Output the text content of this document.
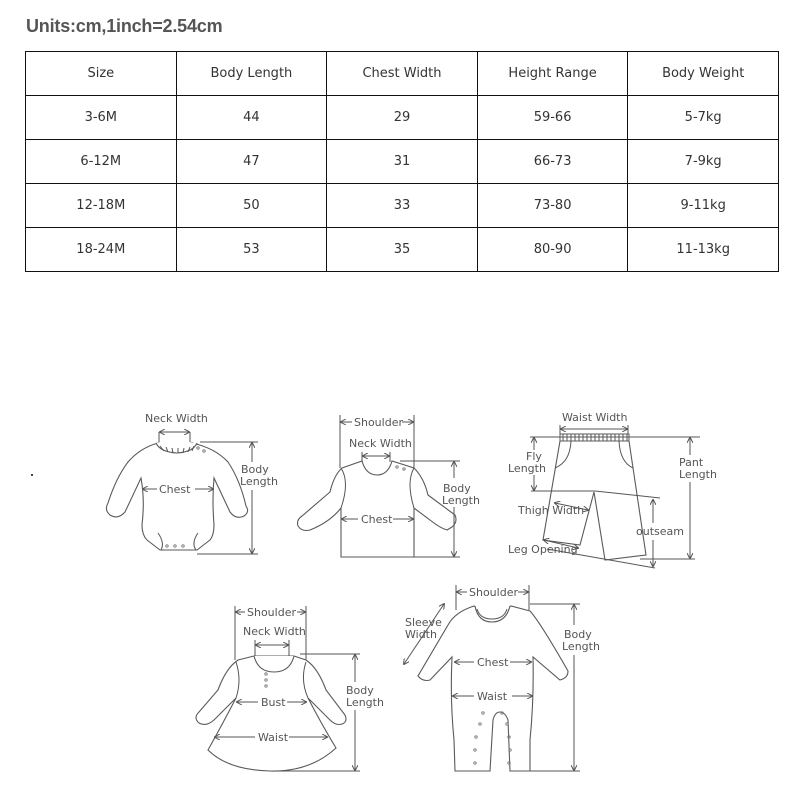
Units:cm,1inch=2.54cm
Size	Body Length	Chest Width	Height Range	Body Weight
3-6M	44	29	59-66	5-7kg
6-12M	47	31	66-73	7-9kg
12-18M	50	33	73-80	9-11kg
18-24M	53	35	80-90	11-13kg
Neck Width
Chest
Body
Length
Shoulder
Neck Width
Chest
Body
Length
Waist Width
Fly
Length	Pant
Length
Thigh Width
outseam
Leg Opening
Shoulder
Neck Width
Bust
Waist
Body
Length
Shoulder
Sleeve
Width
Chest
Waist
Body
Length
